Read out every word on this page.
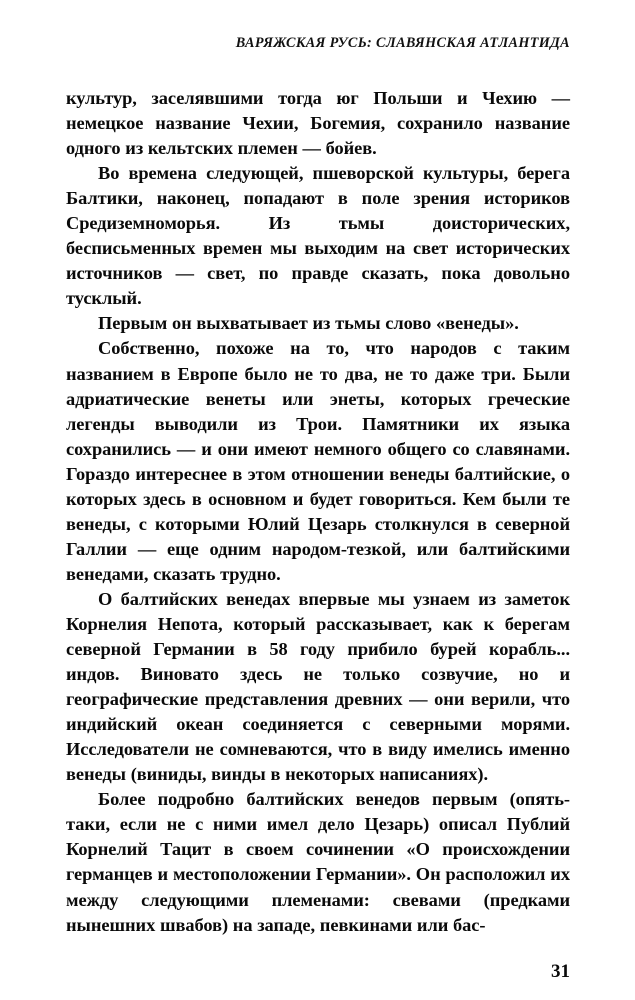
ВАРЯЖСКАЯ РУСЬ: СЛАВЯНСКАЯ АТЛАНТИДА

культур, заселявшими тогда юг Польши и Чехию — немецкое название Чехии, Богемия, сохранило название одного из кельтских племен — бойев.

Во времена следующей, пшеворской культуры, берега Балтики, наконец, попадают в поле зрения историков Средиземноморья. Из тьмы доисторических, бесписьменных времен мы выходим на свет исторических источников — свет, по правде сказать, пока довольно тусклый.

Первым он выхватывает из тьмы слово «венеды».

Собственно, похоже на то, что народов с таким названием в Европе было не то два, не то даже три. Были адриатические венеты или энеты, которых греческие легенды выводили из Трои. Памятники их языка сохранились — и они имеют немного общего со славянами. Гораздо интереснее в этом отношении венеды балтийские, о которых здесь в основном и будет говориться. Кем были те венеды, с которыми Юлий Цезарь столкнулся в северной Галлии — еще одним народом-тезкой, или балтийскими венедами, сказать трудно.

О балтийских венедах впервые мы узнаем из заметок Корнелия Непота, который рассказывает, как к берегам северной Германии в 58 году прибило бурей корабль... индов. Виновато здесь не только созвучие, но и географические представления древних — они верили, что индийский океан соединяется с северными морями. Исследователи не сомневаются, что в виду имелись именно венеды (виниды, винды в некоторых написаниях).

Более подробно балтийских венедов первым (опять-таки, если не с ними имел дело Цезарь) описал Публий Корнелий Тацит в своем сочинении «О происхождении германцев и местоположении Германии». Он расположил их между следующими племенами: свевами (предками нынешних швабов) на западе, певкинами или бас-

31
